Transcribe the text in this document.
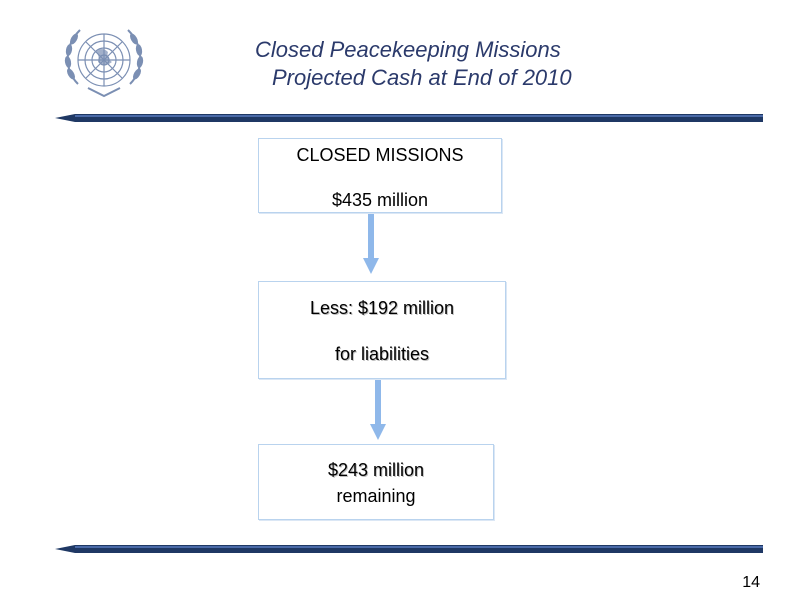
Closed Peacekeeping Missions
Projected Cash at End of 2010
CLOSED MISSIONS
$435 million
Less: $192 million
for liabilities
$243 million
remaining
14
